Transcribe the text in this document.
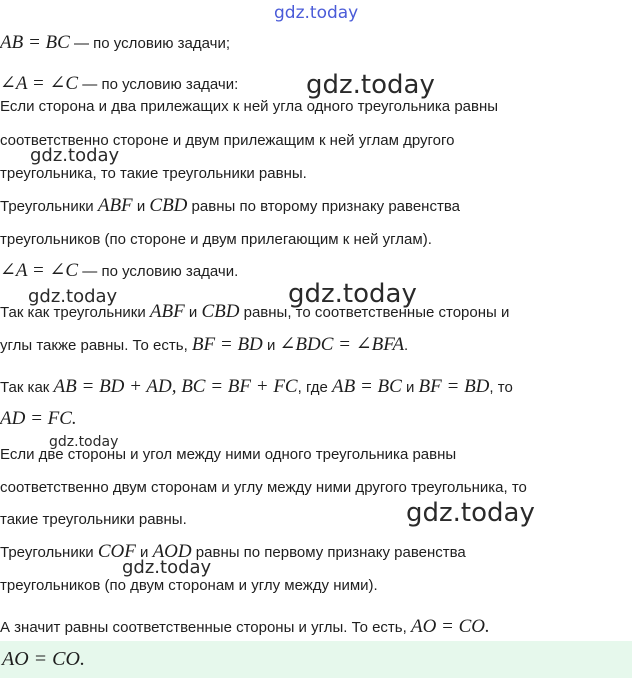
gdz.today
gdz.today
gdz.today
gdz.today	gdz.today
gdz.today
gdz.today
gdz.today

AB = BC — по условию задачи;

∠A = ∠C — по условию задачи:

Если сторона и два прилежащих к ней угла одного треугольника равны

соответственно стороне и двум прилежащим к ней углам другого

треугольника, то такие треугольники равны.

Треугольники ABF и CBD равны по второму признаку равенства

треугольников (по стороне и двум прилегающим к ней углам).

∠A = ∠C — по условию задачи.

Так как треугольники ABF и CBD равны, то соответственные стороны и

углы также равны. То есть, BF = BD и ∠BDC = ∠BFA.

Так как AB = BD + AD, BC = BF + FC, где AB = BC и BF = BD, то

AD = FC.

Если две стороны и угол между ними одного треугольника равны

соответственно двум сторонам и углу между ними другого треугольника, то

такие треугольники равны.

Треугольники COF и AOD равны по первому признаку равенства

треугольников (по двум сторонам и углу между ними).

А значит равны соответственные стороны и углы. То есть, AO = CO.

AO = CO.
